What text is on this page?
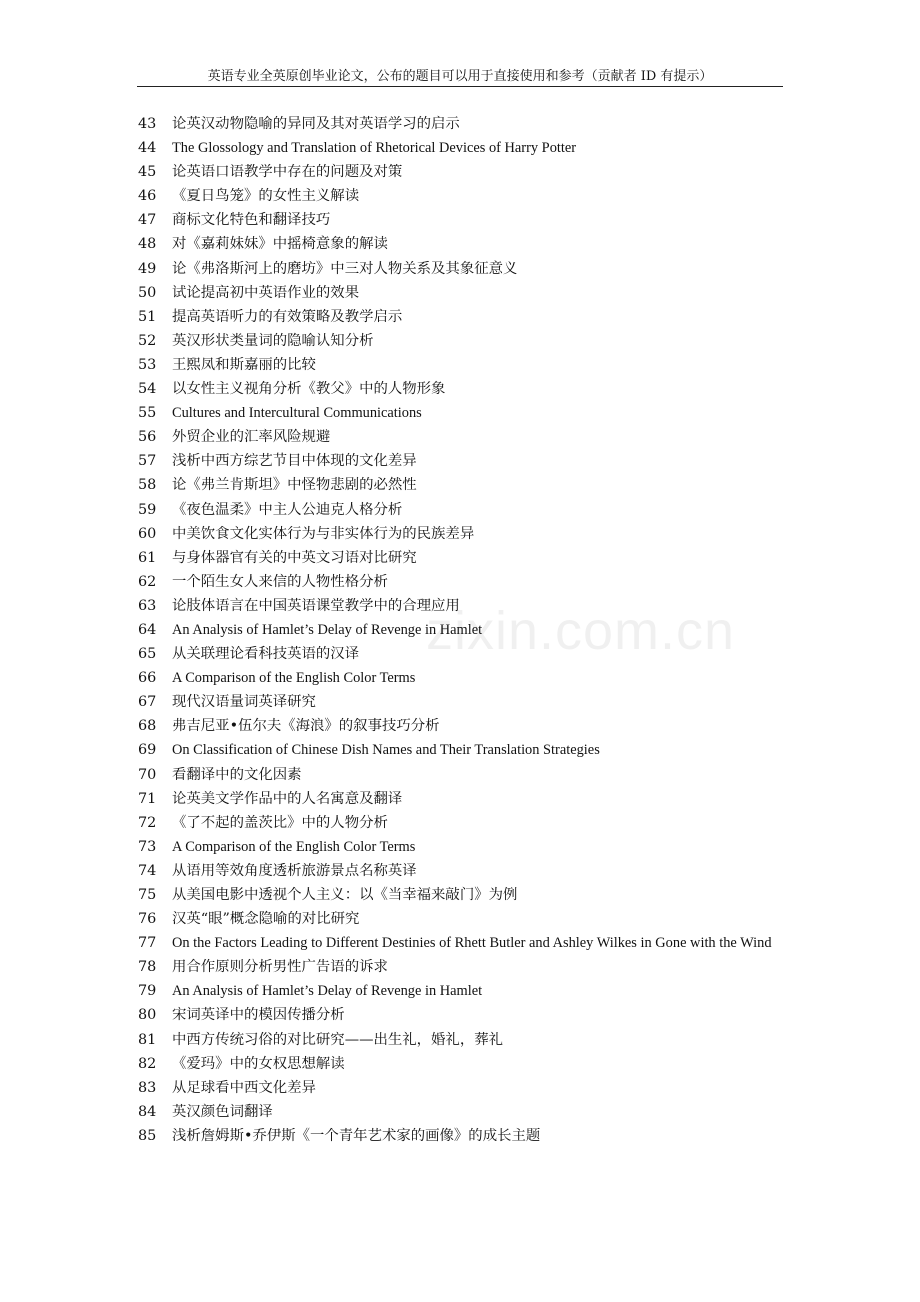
英语专业全英原创毕业论文，公布的题目可以用于直接使用和参考（贡献者 ID 有提示）
zixin.com.cn
43	论英汉动物隐喻的异同及其对英语学习的启示
44	The Glossology and Translation of Rhetorical Devices of Harry Potter
45	论英语口语教学中存在的问题及对策
46	《夏日鸟笼》的女性主义解读
47	商标文化特色和翻译技巧
48	对《嘉莉妹妹》中摇椅意象的解读
49	论《弗洛斯河上的磨坊》中三对人物关系及其象征意义
50	试论提高初中英语作业的效果
51	提高英语听力的有效策略及教学启示
52	英汉形状类量词的隐喻认知分析
53	王熙凤和斯嘉丽的比较
54	以女性主义视角分析《教父》中的人物形象
55	Cultures and Intercultural Communications
56	外贸企业的汇率风险规避
57	浅析中西方综艺节目中体现的文化差异
58	论《弗兰肯斯坦》中怪物悲剧的必然性
59	《夜色温柔》中主人公迪克人格分析
60	中美饮食文化实体行为与非实体行为的民族差异
61	与身体器官有关的中英文习语对比研究
62	一个陌生女人来信的人物性格分析
63	论肢体语言在中国英语课堂教学中的合理应用
64	An Analysis of Hamlet’s Delay of Revenge in Hamlet
65	从关联理论看科技英语的汉译
66	A Comparison of the English Color Terms
67	现代汉语量词英译研究
68	弗吉尼亚•伍尔夫《海浪》的叙事技巧分析
69	On Classification of Chinese Dish Names and Their Translation Strategies
70	看翻译中的文化因素
71	论英美文学作品中的人名寓意及翻译
72	《了不起的盖茨比》中的人物分析
73	A Comparison of the English Color Terms
74	从语用等效角度透析旅游景点名称英译
75	从美国电影中透视个人主义：以《当幸福来敲门》为例
76	汉英“眼”概念隐喻的对比研究
77 On the Factors Leading to Different Destinies of Rhett Butler and Ashley Wilkes in Gone with the Wind
78	用合作原则分析男性广告语的诉求
79	An Analysis of Hamlet’s Delay of Revenge in Hamlet
80	宋词英译中的模因传播分析
81	中西方传统习俗的对比研究——出生礼，婚礼，葬礼
82	《爱玛》中的女权思想解读
83	从足球看中西文化差异
84	英汉颜色词翻译
85	浅析詹姆斯•乔伊斯《一个青年艺术家的画像》的成长主题
